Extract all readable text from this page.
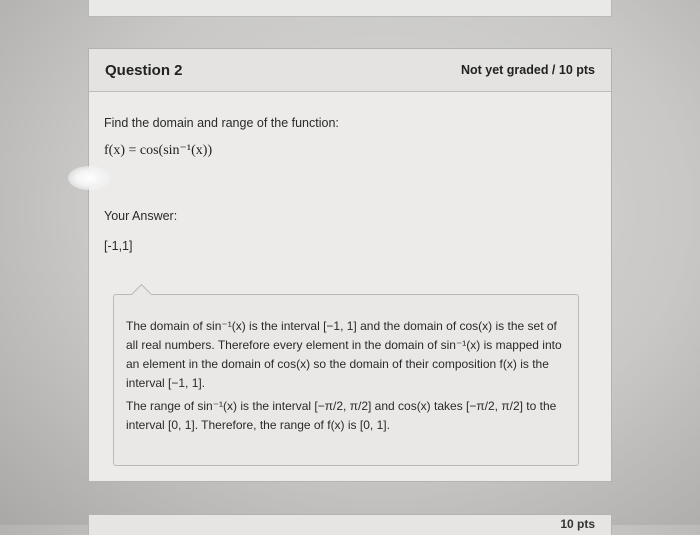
Question 2	Not yet graded / 10 pts
Find the domain and range of the function:
f(x) = cos(sin⁻¹(x))
Your Answer:
[-1,1]

The domain of sin⁻¹(x) is the interval [−1, 1] and the domain of cos(x) is the set of all real numbers. Therefore every element in the domain of sin⁻¹(x) is mapped into an element in the domain of cos(x) so the domain of their composition f(x) is the interval [−1, 1].

The range of sin⁻¹(x) is the interval [−π/2, π/2] and cos(x) takes [−π/2, π/2] to the interval [0, 1]. Therefore, the range of f(x) is [0, 1].

10 pts
